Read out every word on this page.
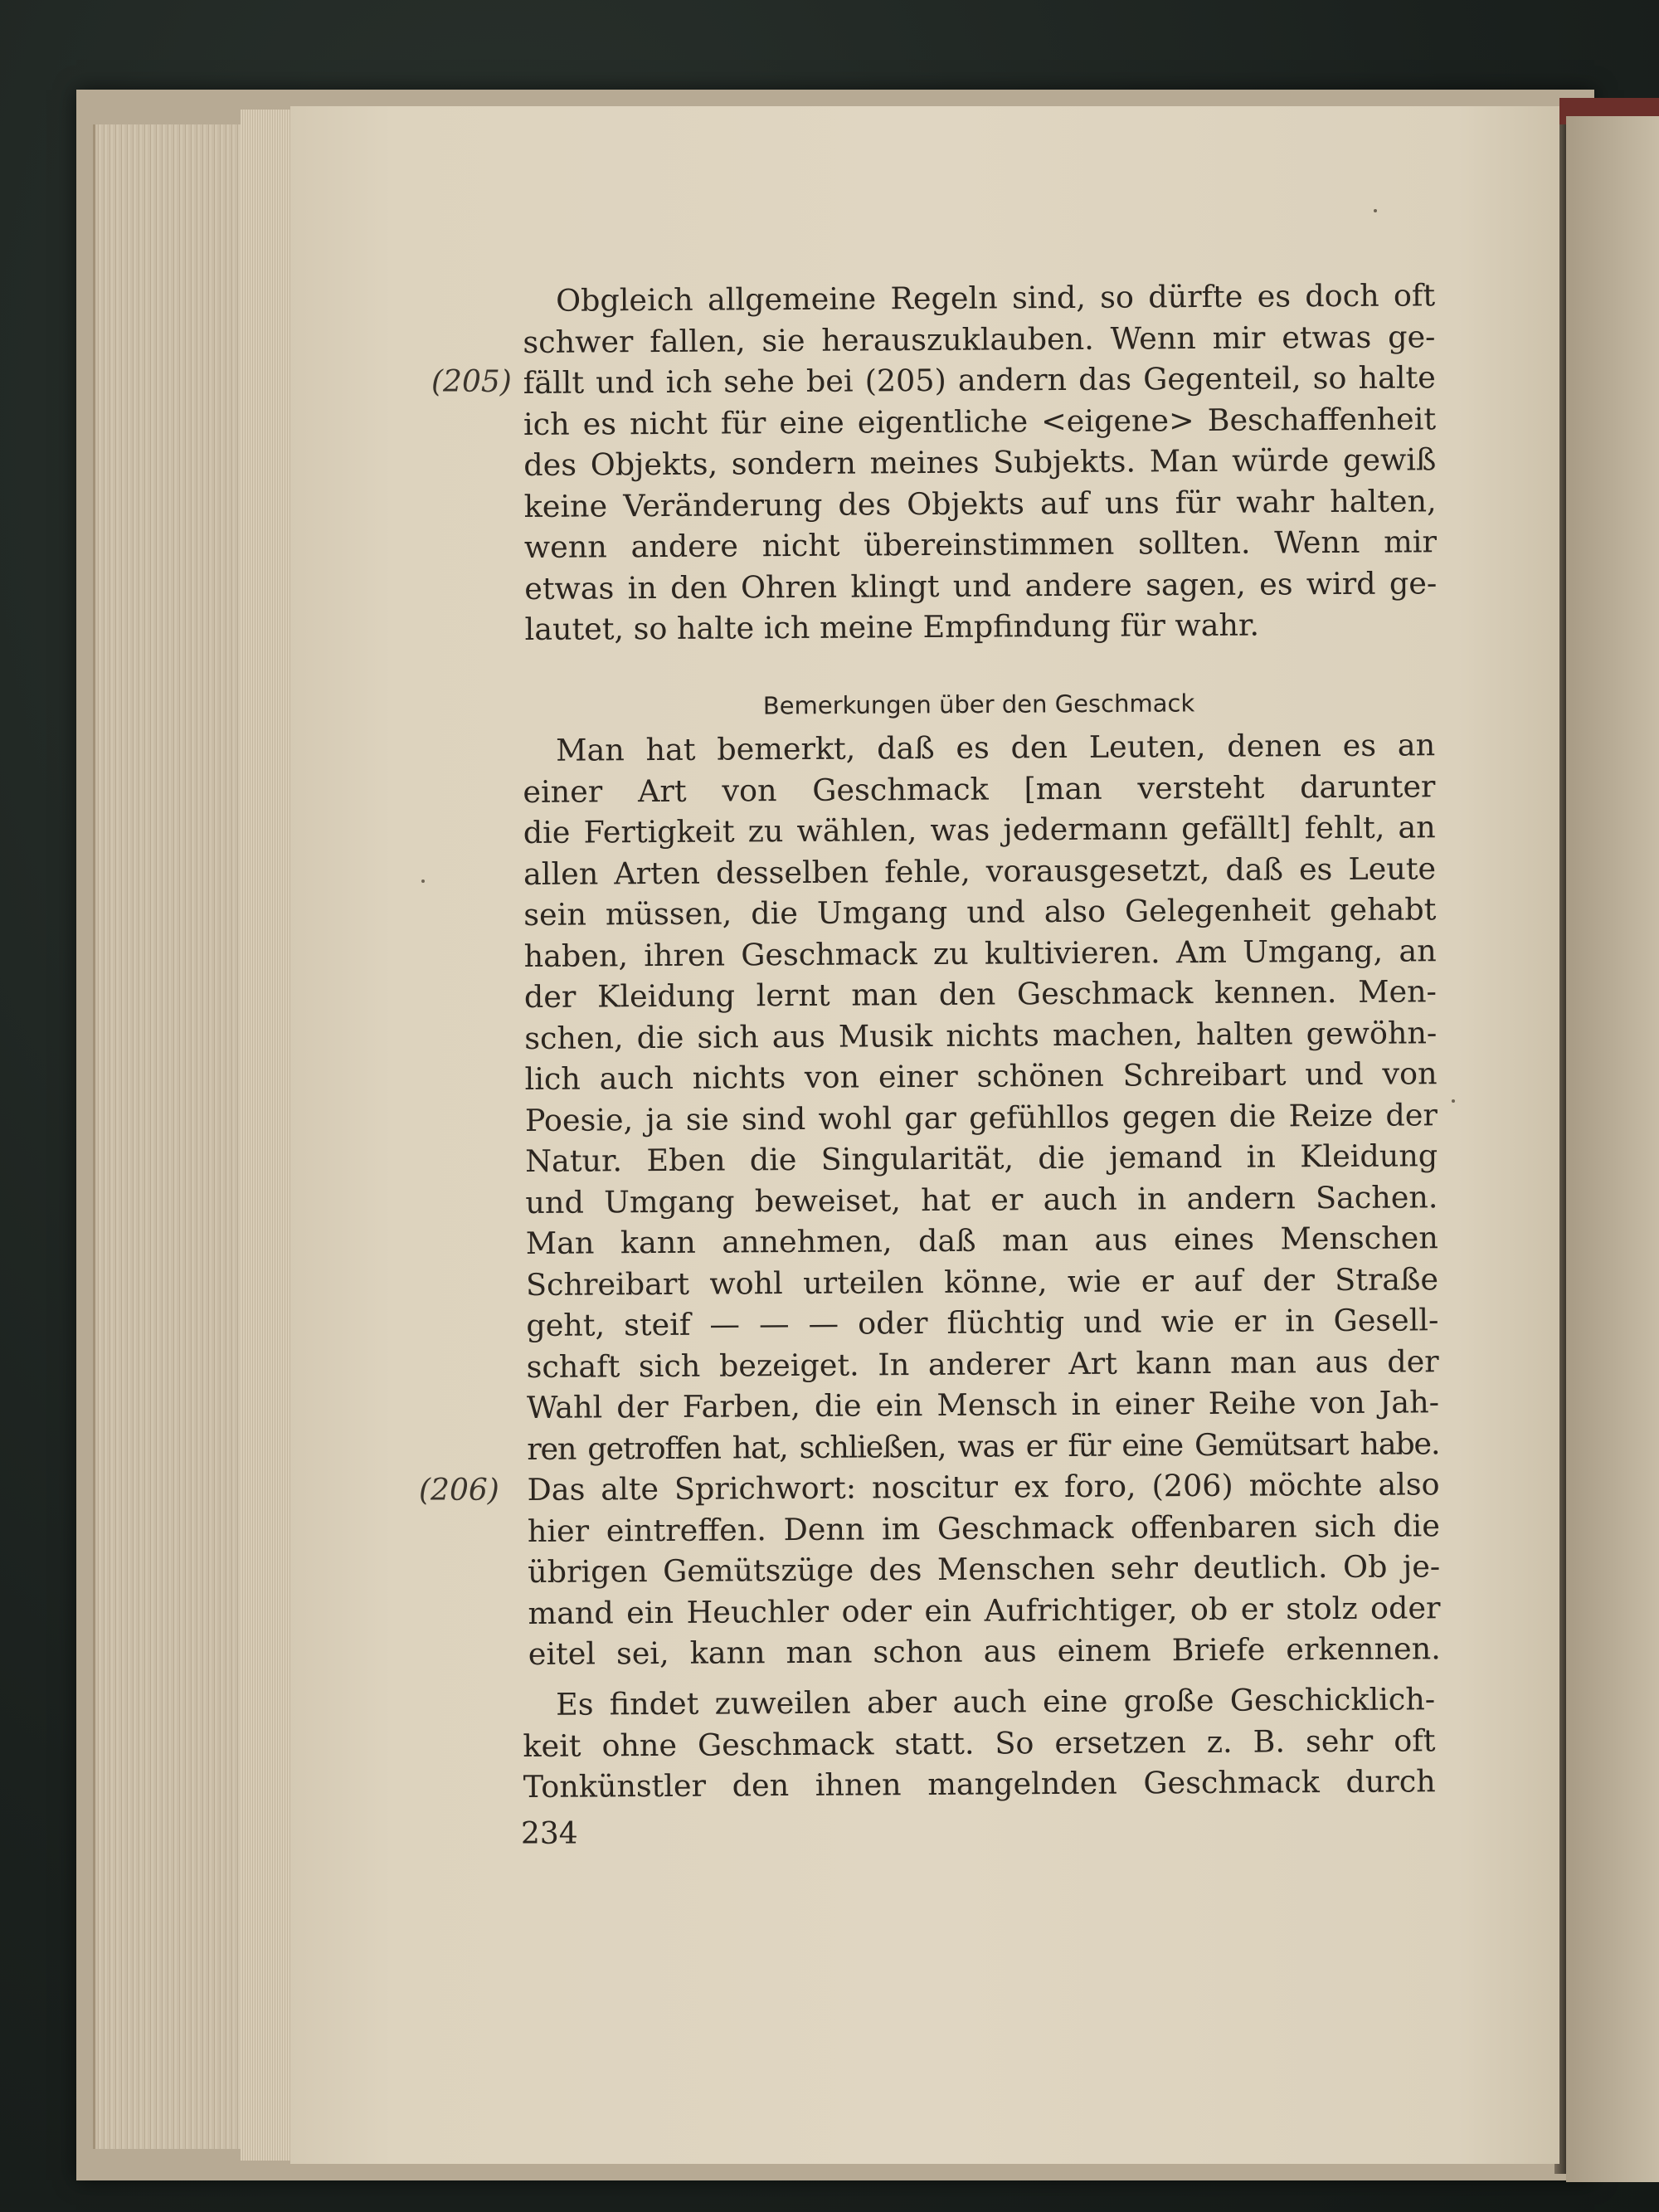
(205)
(206)
Obgleich allgemeine Regeln sind, so dürfte es doch oft
schwer fallen, sie herauszuklauben. Wenn mir etwas ge-
fällt und ich sehe bei (205) andern das Gegenteil, so halte
ich es nicht für eine eigentliche <eigene> Beschaffenheit
des Objekts, sondern meines Subjekts. Man würde gewiß
keine Veränderung des Objekts auf uns für wahr halten,
wenn andere nicht übereinstimmen sollten. Wenn mir
etwas in den Ohren klingt und andere sagen, es wird ge-
lautet, so halte ich meine Empfindung für wahr.
Bemerkungen über den Geschmack
Man hat bemerkt, daß es den Leuten, denen es an
einer Art von Geschmack [man versteht darunter
die Fertigkeit zu wählen, was jedermann gefällt] fehlt, an
allen Arten desselben fehle, vorausgesetzt, daß es Leute
sein müssen, die Umgang und also Gelegenheit gehabt
haben, ihren Geschmack zu kultivieren. Am Umgang, an
der Kleidung lernt man den Geschmack kennen. Men-
schen, die sich aus Musik nichts machen, halten gewöhn-
lich auch nichts von einer schönen Schreibart und von
Poesie, ja sie sind wohl gar gefühllos gegen die Reize der
Natur. Eben die Singularität, die jemand in Kleidung
und Umgang beweiset, hat er auch in andern Sachen.
Man kann annehmen, daß man aus eines Menschen
Schreibart wohl urteilen könne, wie er auf der Straße
geht, steif — — — oder flüchtig und wie er in Gesell-
schaft sich bezeiget. In anderer Art kann man aus der
Wahl der Farben, die ein Mensch in einer Reihe von Jah-
ren getroffen hat, schließen, was er für eine Gemütsart habe.
Das alte Sprichwort: noscitur ex foro, (206) möchte also
hier eintreffen. Denn im Geschmack offenbaren sich die
übrigen Gemütszüge des Menschen sehr deutlich. Ob je-
mand ein Heuchler oder ein Aufrichtiger, ob er stolz oder
eitel sei, kann man schon aus einem Briefe erkennen.
Es findet zuweilen aber auch eine große Geschicklich-
keit ohne Geschmack statt. So ersetzen z. B. sehr oft
Tonkünstler den ihnen mangelnden Geschmack durch
234
